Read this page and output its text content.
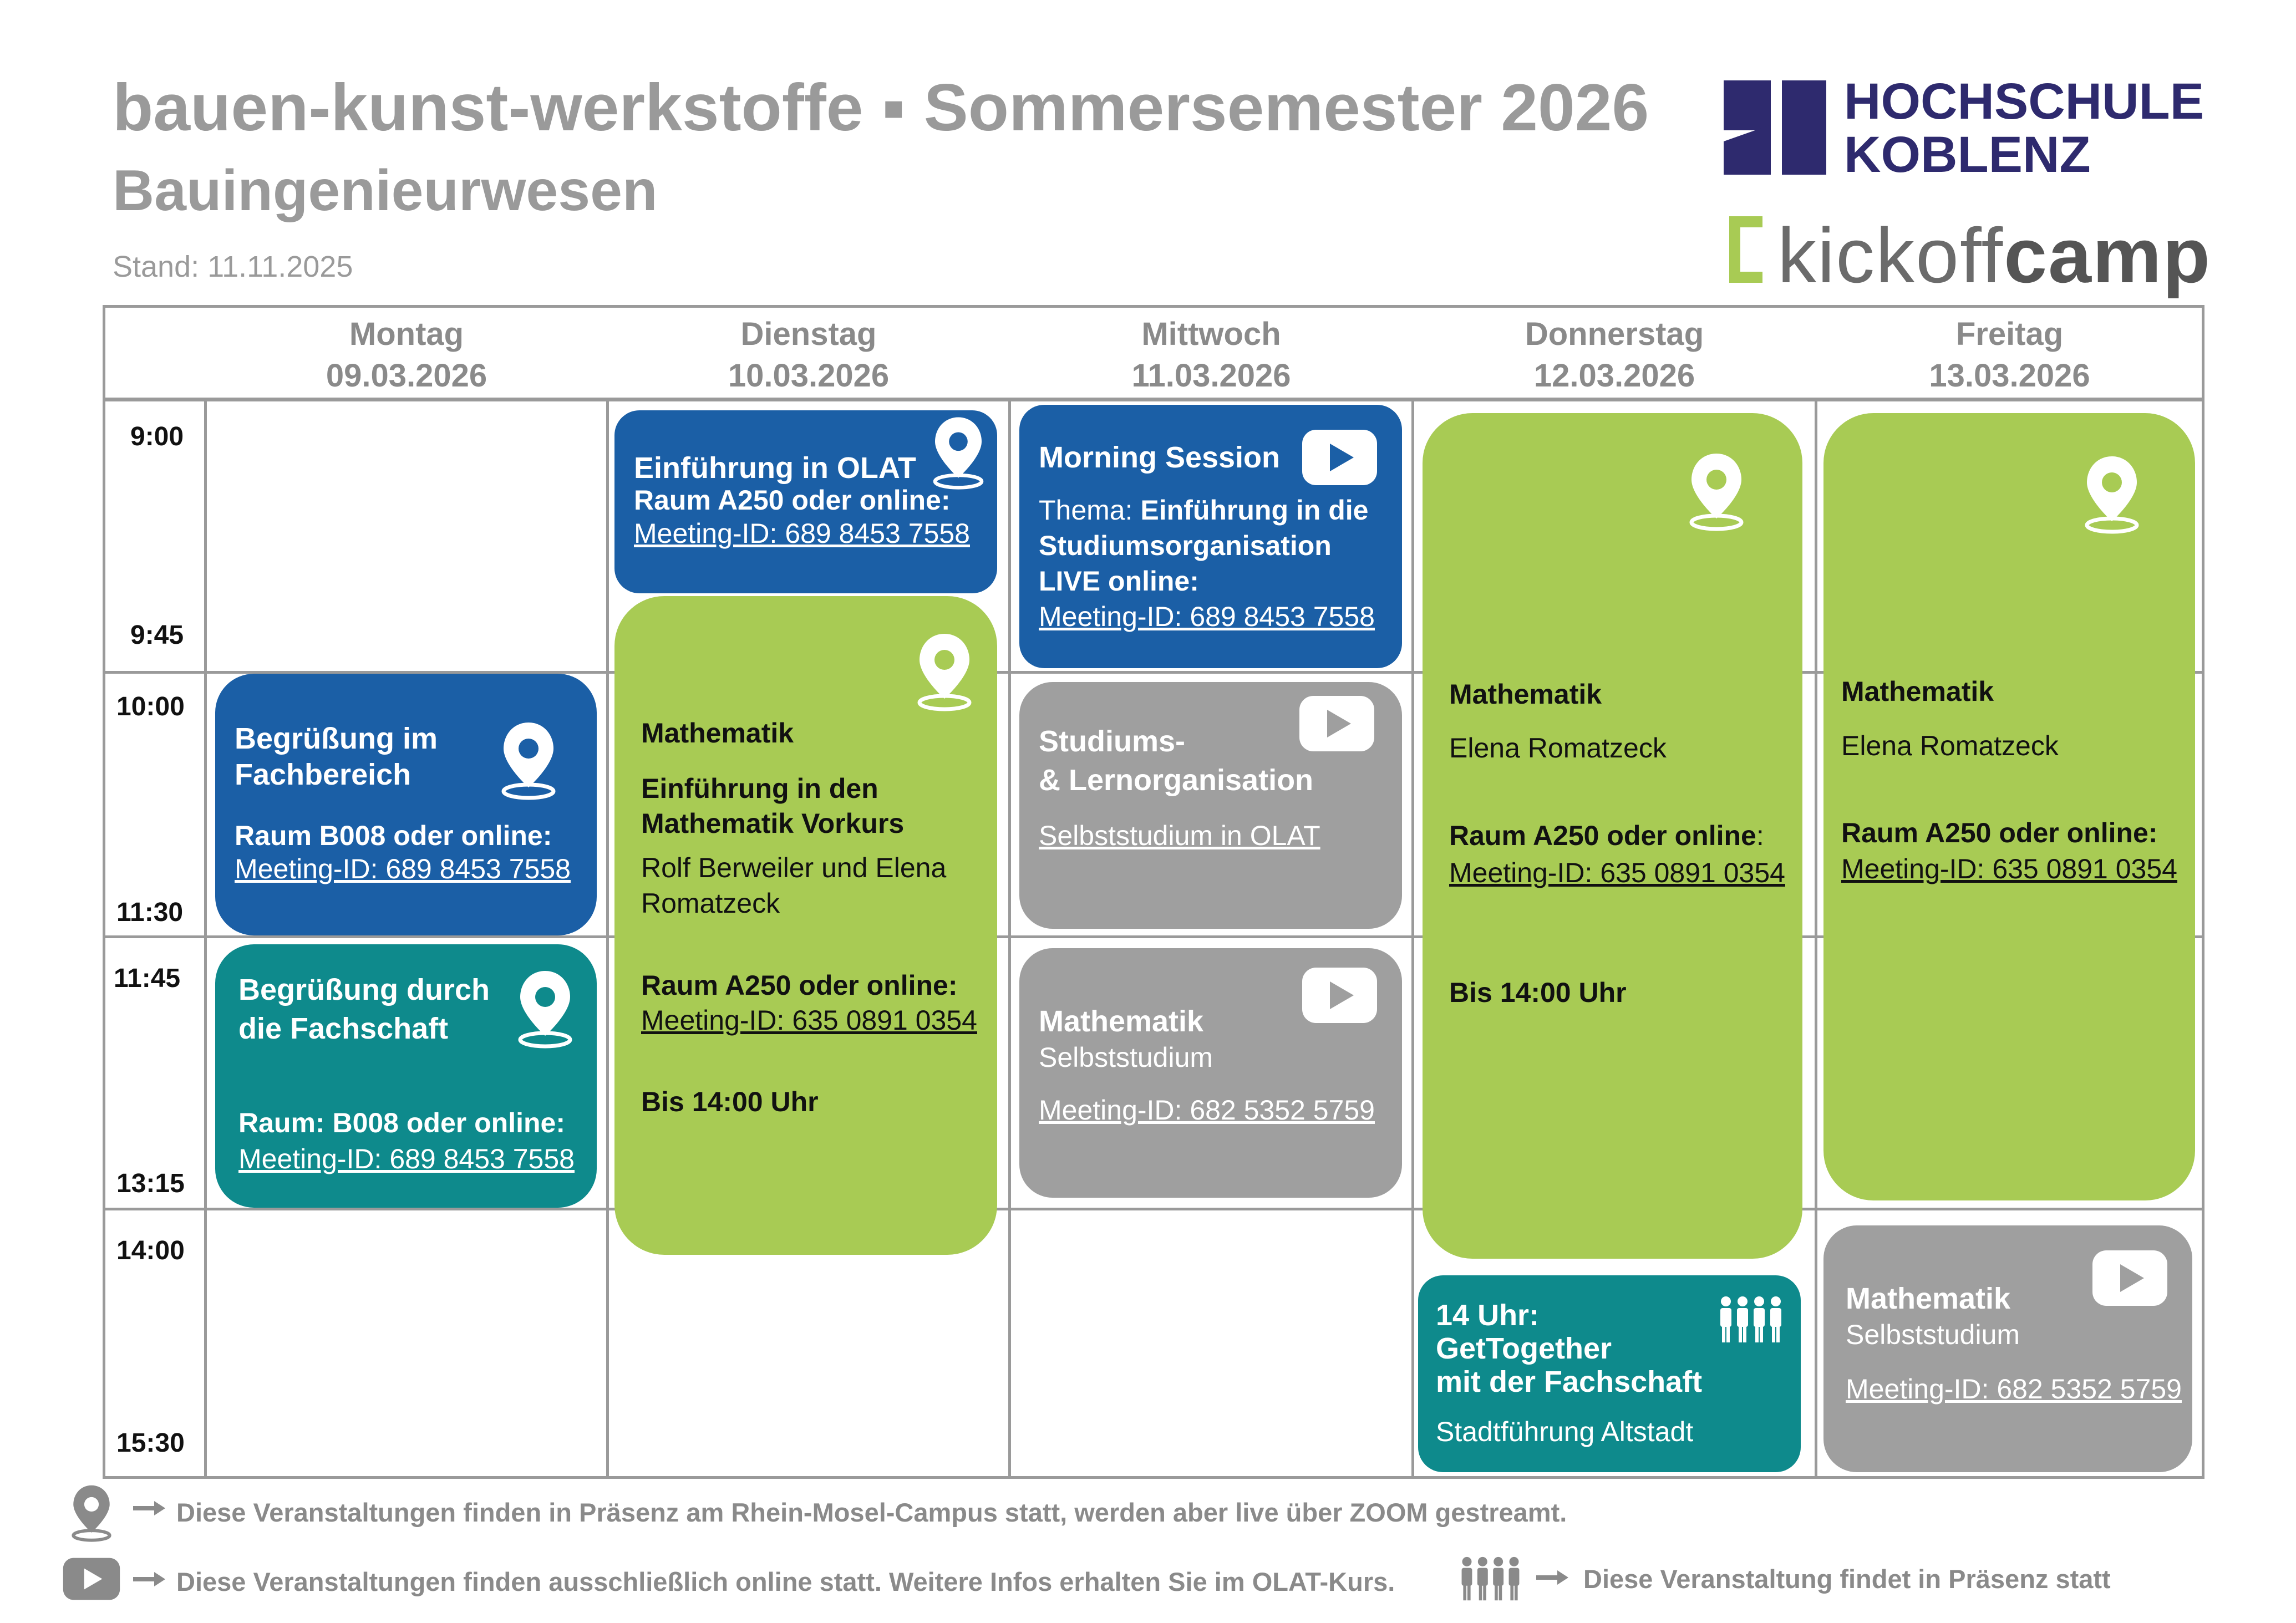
bauen-kunst-werkstoffe ▪ Sommersemester 2026
Bauingenieurwesen
Stand: 11.11.2025
HOCHSCHULE
KOBLENZ
kickoffcamp
Montag
09.03.2026
Dienstag
10.03.2026
Mittwoch
11.03.2026
Donnerstag
12.03.2026
Freitag
13.03.2026
9:00
9:45
10:00
11:30
11:45
13:15
14:00
15:30
Begrüßung im
Fachbereich
Raum B008 oder online:
Meeting-ID: 689 8453 7558
Begrüßung durch
die Fachschaft
Raum: B008 oder online:
Meeting-ID: 689 8453 7558
Einführung in OLAT
Raum A250 oder online:
Meeting-ID: 689 8453 7558
Mathematik
Einführung in den
Mathematik Vorkurs
Rolf Berweiler und Elena
Romatzeck
Raum A250 oder online:
Meeting-ID: 635 0891 0354
Bis 14:00 Uhr
Morning Session
Thema: Einführung in die
Studiumsorganisation
LIVE online:
Meeting-ID: 689 8453 7558
Studiums-
& Lernorganisation
Selbststudium in OLAT
Mathematik
Selbststudium
Meeting-ID: 682 5352 5759
Mathematik
Elena Romatzeck
Raum A250 oder online:
Meeting-ID: 635 0891 0354
Bis 14:00 Uhr
14 Uhr:
GetTogether
mit der Fachschaft
Stadtführung Altstadt
Mathematik
Elena Romatzeck
Raum A250 oder online:
Meeting-ID: 635 0891 0354
Mathematik
Selbststudium
Meeting-ID: 682 5352 5759
Diese Veranstaltungen finden in Präsenz am Rhein-Mosel-Campus statt, werden aber live über ZOOM gestreamt.
Diese Veranstaltungen finden ausschließlich online statt. Weitere Infos erhalten Sie im OLAT-Kurs.	Diese Veranstaltung findet in Präsenz statt
